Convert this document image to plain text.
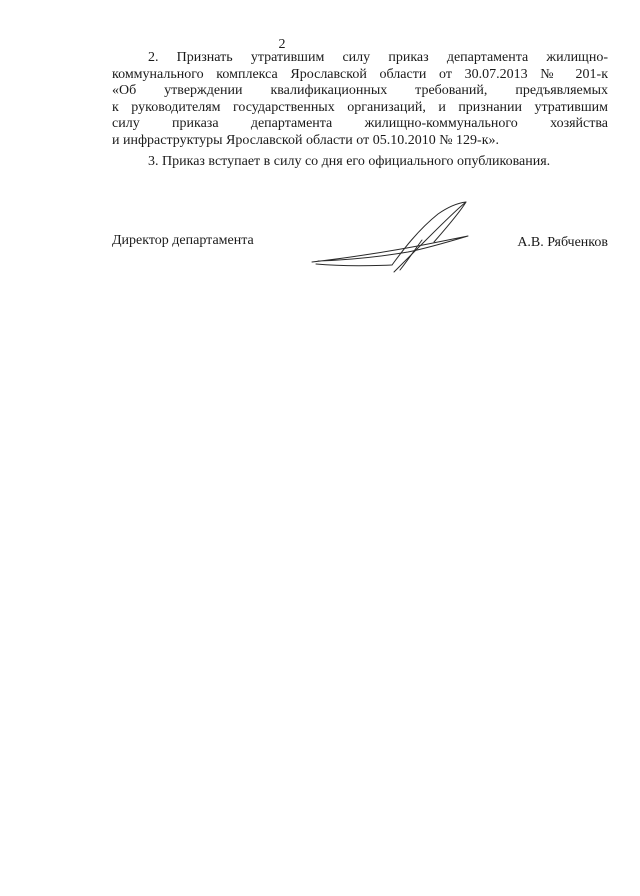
2
2. Признать утратившим силу приказ департамента жилищно-
коммунального комплекса Ярославской области от 30.07.2013 № 201-к
«Об утверждении квалификационных требований, предъявляемых
к руководителям государственных организаций, и признании утратившим
силу приказа департамента жилищно-коммунального хозяйства
и инфраструктуры Ярославской области от 05.10.2010 № 129-к».

3. Приказ вступает в силу со дня его официального опубликования.

Директор департамента	А.В. Рябченков
